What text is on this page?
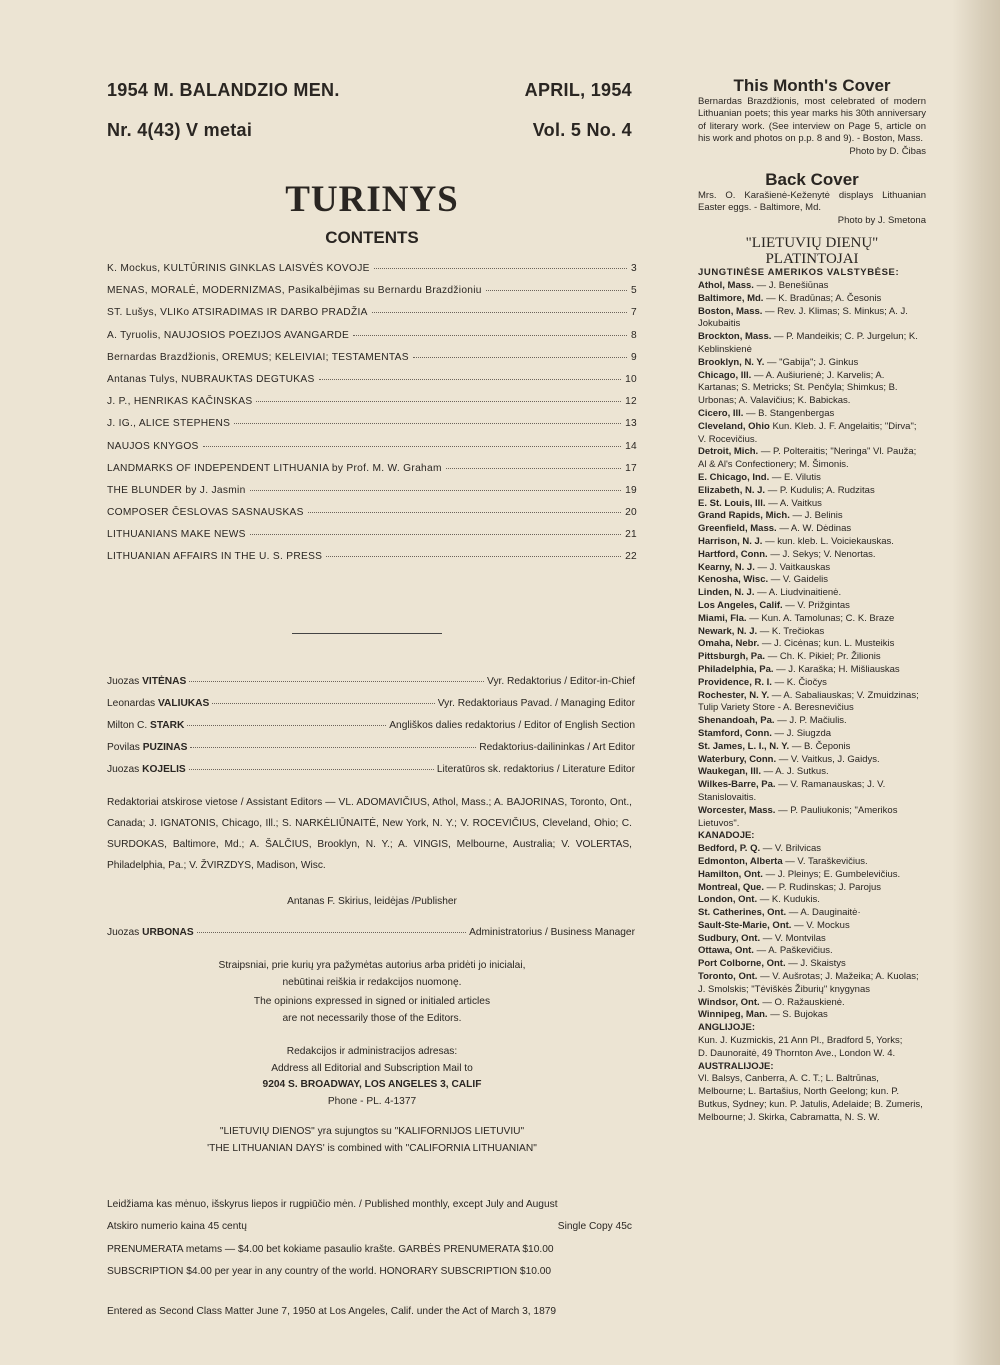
1954 M. BALANDZIO MEN.	APRIL, 1954
Nr. 4(43) V metai	Vol. 5 No. 4
TURINYS
CONTENTS
K. Mockus, KULTŪRINIS GINKLAS LAISVĖS KOVOJE	3
MENAS, MORALĖ, MODERNIZMAS, Pasikalbėjimas su Bernardu Brazdžioniu	5
ST. Lušys, VLIKo ATSIRADIMAS IR DARBO PRADŽIA	7
A. Tyruolis, NAUJOSIOS POEZIJOS AVANGARDE	8
Bernardas Brazdžionis, OREMUS; KELEIVIAI; TESTAMENTAS	9
Antanas Tulys, NUBRAUKTAS DEGTUKAS	10
J. P., HENRIKAS KAČINSKAS	12
J. IG., ALICE STEPHENS	13
NAUJOS KNYGOS	14
LANDMARKS OF INDEPENDENT LITHUANIA by Prof. M. W. Graham	17
THE BLUNDER by J. Jasmin	19
COMPOSER ČESLOVAS SASNAUSKAS	20
LITHUANIANS MAKE NEWS	21
LITHUANIAN AFFAIRS IN THE U. S. PRESS	22
Juozas VITĖNAS	Vyr. Redaktorius / Editor-in-Chief
Leonardas VALIUKAS	Vyr. Redaktoriaus Pavad. / Managing Editor
Milton C. STARK	Angliškos dalies redaktorius / Editor of English Section
Povilas PUZINAS	Redaktorius-dailininkas / Art Editor
Juozas KOJELIS	Literatūros sk. redaktorius / Literature Editor
Redaktoriai atskirose vietose / Assistant Editors — VL. ADOMAVIČIUS, Athol, Mass.; A. BAJORINAS, Toronto, Ont., Canada; J. IGNATONIS, Chicago, Ill.; S. NARKĖLIŪNAITĖ, New York, N. Y.; V. ROCEVIČIUS, Cleveland, Ohio; C. SURDOKAS, Baltimore, Md.; A. ŠALČIUS, Brooklyn, N. Y.; A. VINGIS, Melbourne, Australia; V. VOLERTAS, Philadelphia, Pa.; V. ŽVIRZDYS, Madison, Wisc.
Antanas F. Skirius, leidėjas /Publisher
Juozas URBONAS	Administratorius / Business Manager
Straipsniai, prie kurių yra pažymėtas autorius arba pridėti jo inicialai,
nebūtinai reiškia ir redakcijos nuomonę.
The opinions expressed in signed or initialed articles
are not necessarily those of the Editors.
Redakcijos ir administracijos adresas:
Address all Editorial and Subscription Mail to
9204 S. BROADWAY, LOS ANGELES 3, CALIF
Phone - PL. 4-1377
"LIETUVIŲ DIENOS" yra sujungtos su "KALIFORNIJOS LIETUVIU"
'THE LITHUANIAN DAYS' is combined with "CALIFORNIA LITHUANIAN"
Leidžiama kas mėnuo, išskyrus liepos ir rugpiūčio mėn. / Published monthly, except July and August
Atskiro numerio kaina 45 centų	Single Copy 45c
PRENUMERATA metams — $4.00 bet kokiame pasaulio krašte. GARBĖS PRENUMERATA $10.00
SUBSCRIPTION $4.00 per year in any country of the world. HONORARY SUBSCRIPTION $10.00
Entered as Second Class Matter June 7, 1950 at Los Angeles, Calif. under the Act of March 3, 1879
This Month's Cover
Bernardas Brazdžionis, most celebrated of modern Lithuanian poets; this year marks his 30th anniversary of literary work. (See interview on Page 5, article on his work and photos on p.p. 8 and 9). - Boston, Mass.
Photo by D. Čibas
Back Cover
Mrs. O. Karašienė-Keženytė displays Lithuanian Easter eggs. - Baltimore, Md.
Photo by J. Smetona
"LIETUVIŲ DIENŲ"
PLATINTOJAI
JUNGTINĖSE AMERIKOS VALSTYBĖSE:
Athol, Mass. — J. Benešiūnas
Baltimore, Md. — K. Bradūnas; A. Česonis
Boston, Mass. — Rev. J. Klimas; S. Minkus; A. J. Jokubaitis
Brockton, Mass. — P. Mandeikis; C. P. Jurgelun; K. Keblinskienė
Brooklyn, N. Y. — "Gabija"; J. Ginkus
Chicago, Ill. — A. Aušiurienė; J. Karvelis; A. Kartanas; S. Metricks; St. Penčyla; Shimkus; B. Urbonas; A. Valavičius; K. Babickas.
Cicero, Ill. — B. Stangenbergas
Cleveland, Ohio Kun. Kleb. J. F. Angelaitis; "Dirva"; V. Rocevičius.
Detroit, Mich. — P. Polteraitis; "Neringa" Vl. Pauža; Al & Al's Confectionery; M. Šimonis.
E. Chicago, Ind. — E. Vilutis
Elizabeth, N. J. — P. Kudulis; A. Rudzitas
E. St. Louis, Ill. — A. Vaitkus
Grand Rapids, Mich. — J. Belinis
Greenfield, Mass. — A. W. Dėdinas
Harrison, N. J. — kun. kleb. L. Voiciekauskas.
Hartford, Conn. — J. Sekys; V. Nenortas.
Kearny, N. J. — J. Vaitkauskas
Kenosha, Wisc. — V. Gaidelis
Linden, N. J. — A. Liudvinaitienė.
Los Angeles, Calif. — V. Prižgintas
Miami, Fla. — Kun. A. Tamolunas; C. K. Braze
Newark, N. J. — K. Trečiokas
Omaha, Nebr. — J. Cicėnas; kun. L. Musteikis
Pittsburgh, Pa. — Ch. K. Pikiel; Pr. Žilionis
Philadelphia, Pa. — J. Karaška; H. Mišliauskas
Providence, R. I. — K. Čiočys
Rochester, N. Y. — A. Sabaliauskas; V. Zmuidzinas; Tulip Variety Store - A. Beresnevičius
Shenandoah, Pa. — J. P. Mačiulis.
Stamford, Conn. — J. Siugzda
St. James, L. I., N. Y. — B. Čeponis
Waterbury, Conn. — V. Vaitkus, J. Gaidys.
Waukegan, Ill. — A. J. Sutkus.
Wilkes-Barre, Pa. — V. Ramanauskas; J. V. Stanislovaitis.
Worcester, Mass. — P. Pauliukonis; "Amerikos Lietuvos".
KANADOJE:
Bedford, P. Q. — V. Brilvicas
Edmonton, Alberta — V. Taraškevičius.
Hamilton, Ont. — J. Pleinys; E. Gumbelevičius.
Montreal, Que. — P. Rudinskas; J. Parojus
London, Ont. — K. Kudukis.
St. Catherines, Ont. — A. Dauginaitė·
Sault-Ste-Marie, Ont. — V. Mockus
Sudbury, Ont. — V. Montvilas
Ottawa, Ont. — A. Paškevičius.
Port Colborne, Ont. — J. Skaistys
Toronto, Ont. — V. Aušrotas; J. Mažeika; A. Kuolas; J. Smolskis; "Tėviškės Žiburių" knygynas
Windsor, Ont. — O. Ražauskienė.
Winnipeg, Man. — S. Bujokas
ANGLIJOJE:
Kun. J. Kuzmickis, 21 Ann Pl., Bradford 5, Yorks;
D. Daunoraitė, 49 Thornton Ave., London W. 4.
AUSTRALIJOJE:
Vl. Balsys, Canberra, A. C. T.; L. Baltrūnas, Melbourne; L. Bartašius, North Geelong; kun. P. Butkus, Sydney; kun. P. Jatulis, Adelaide; B. Zumeris, Melbourne; J. Skirka, Cabramatta, N. S. W.
